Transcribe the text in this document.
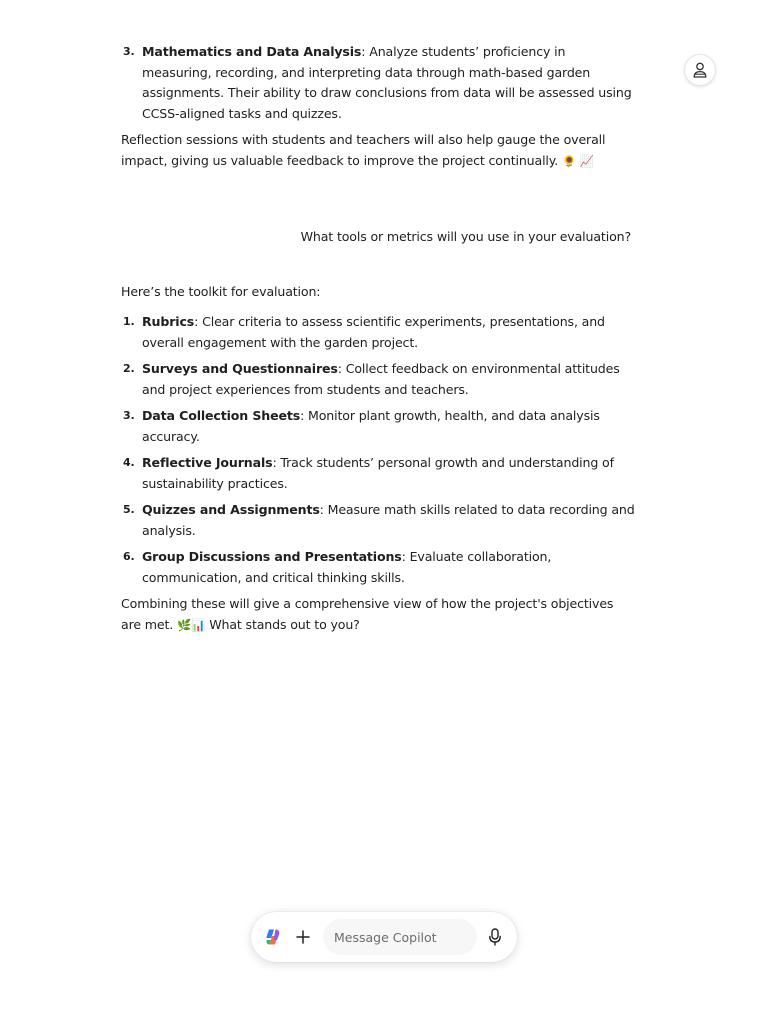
3. Mathematics and Data Analysis: Analyze students’ proficiency in measuring, recording, and interpreting data through math-based garden assignments. Their ability to draw conclusions from data will be assessed using CCSS-aligned tasks and quizzes.

Reflection sessions with students and teachers will also help gauge the overall impact, giving us valuable feedback to improve the project continually. 🌻 📈

What tools or metrics will you use in your evaluation?

Here’s the toolkit for evaluation:

1. Rubrics: Clear criteria to assess scientific experiments, presentations, and overall engagement with the garden project.
2. Surveys and Questionnaires: Collect feedback on environmental attitudes and project experiences from students and teachers.
3. Data Collection Sheets: Monitor plant growth, health, and data analysis accuracy.
4. Reflective Journals: Track students’ personal growth and understanding of sustainability practices.
5. Quizzes and Assignments: Measure math skills related to data recording and analysis.
6. Group Discussions and Presentations: Evaluate collaboration, communication, and critical thinking skills.

Combining these will give a comprehensive view of how the project's objectives are met. 🌿📊 What stands out to you?

Message Copilot
